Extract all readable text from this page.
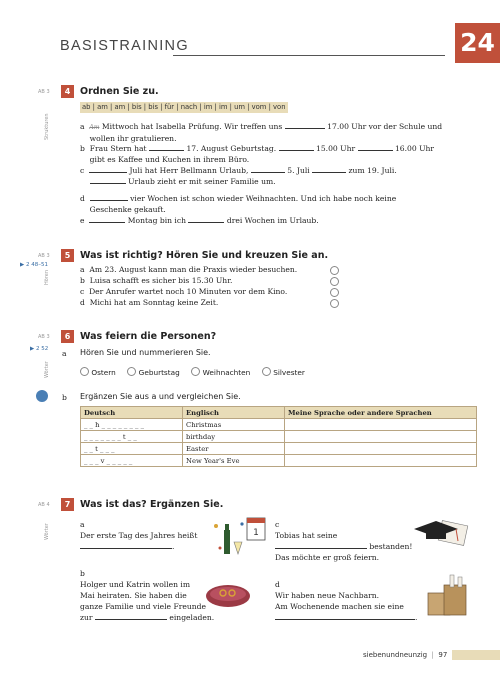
BASISTRAINING	24
AB 3	4	Ordnen Sie zu.
Strukturen
ab | am | am | bis | bis | für | nach | im | im | um | vom | von
a Am Mittwoch hat Isabella Prüfung. Wir treffen uns	17.00 Uhr vor der Schule und
wollen ihr gratulieren.
b Frau Stern hat	17. August Geburtstag.	15.00 Uhr	16.00 Uhr
gibt es Kaffee und Kuchen in ihrem Büro.
c	Juli hat Herr Bellmann Urlaub,	5. Juli	zum 19. Juli.
Urlaub zieht er mit seiner Familie um.
d	vier Wochen ist schon wieder Weihnachten. Und ich habe noch keine
Geschenke gekauft.
e	Montag bin ich	drei Wochen im Urlaub.
AB 3
▶ 2 48–51
5	Was ist richtig? Hören Sie und kreuzen Sie an.
Hören
a Am 23. August kann man die Praxis wieder besuchen.
b Luisa schafft es sicher bis 15.30 Uhr.
c Der Anrufer wartet noch 10 Minuten vor dem Kino.
d Michi hat am Sonntag keine Zeit.
AB 3
▶ 2 52
6	Was feiern die Personen?
Wörter
a Hören Sie und nummerieren Sie.
Ostern	Geburtstag	Weihnachten	Silvester
b Ergänzen Sie aus a und vergleichen Sie.
Deutsch	Englisch	Meine Sprache oder andere Sprachen
_ _ h _ _ _ _ _ _ _ _	Christmas	
_ _ _ _ _ _ _ t _ _	birthday	
_ _ t _ _ _	Easter	
_ _ _ v _ _ _ _ _	New Year's Eve	
AB 4	7	Was ist das? Ergänzen Sie.
Wörter	a
Der erste Tag des Jahres heißt
.
b
Holger und Katrin wollen im
Mai heiraten. Sie haben die
ganze Familie und viele Freunde
zur	eingeladen.
c
Tobias hat seine
bestanden!
Das möchte er groß feiern.
d
Wir haben neue Nachbarn.
Am Wochenende machen sie eine
.
1
siebenundneunzig | 97
